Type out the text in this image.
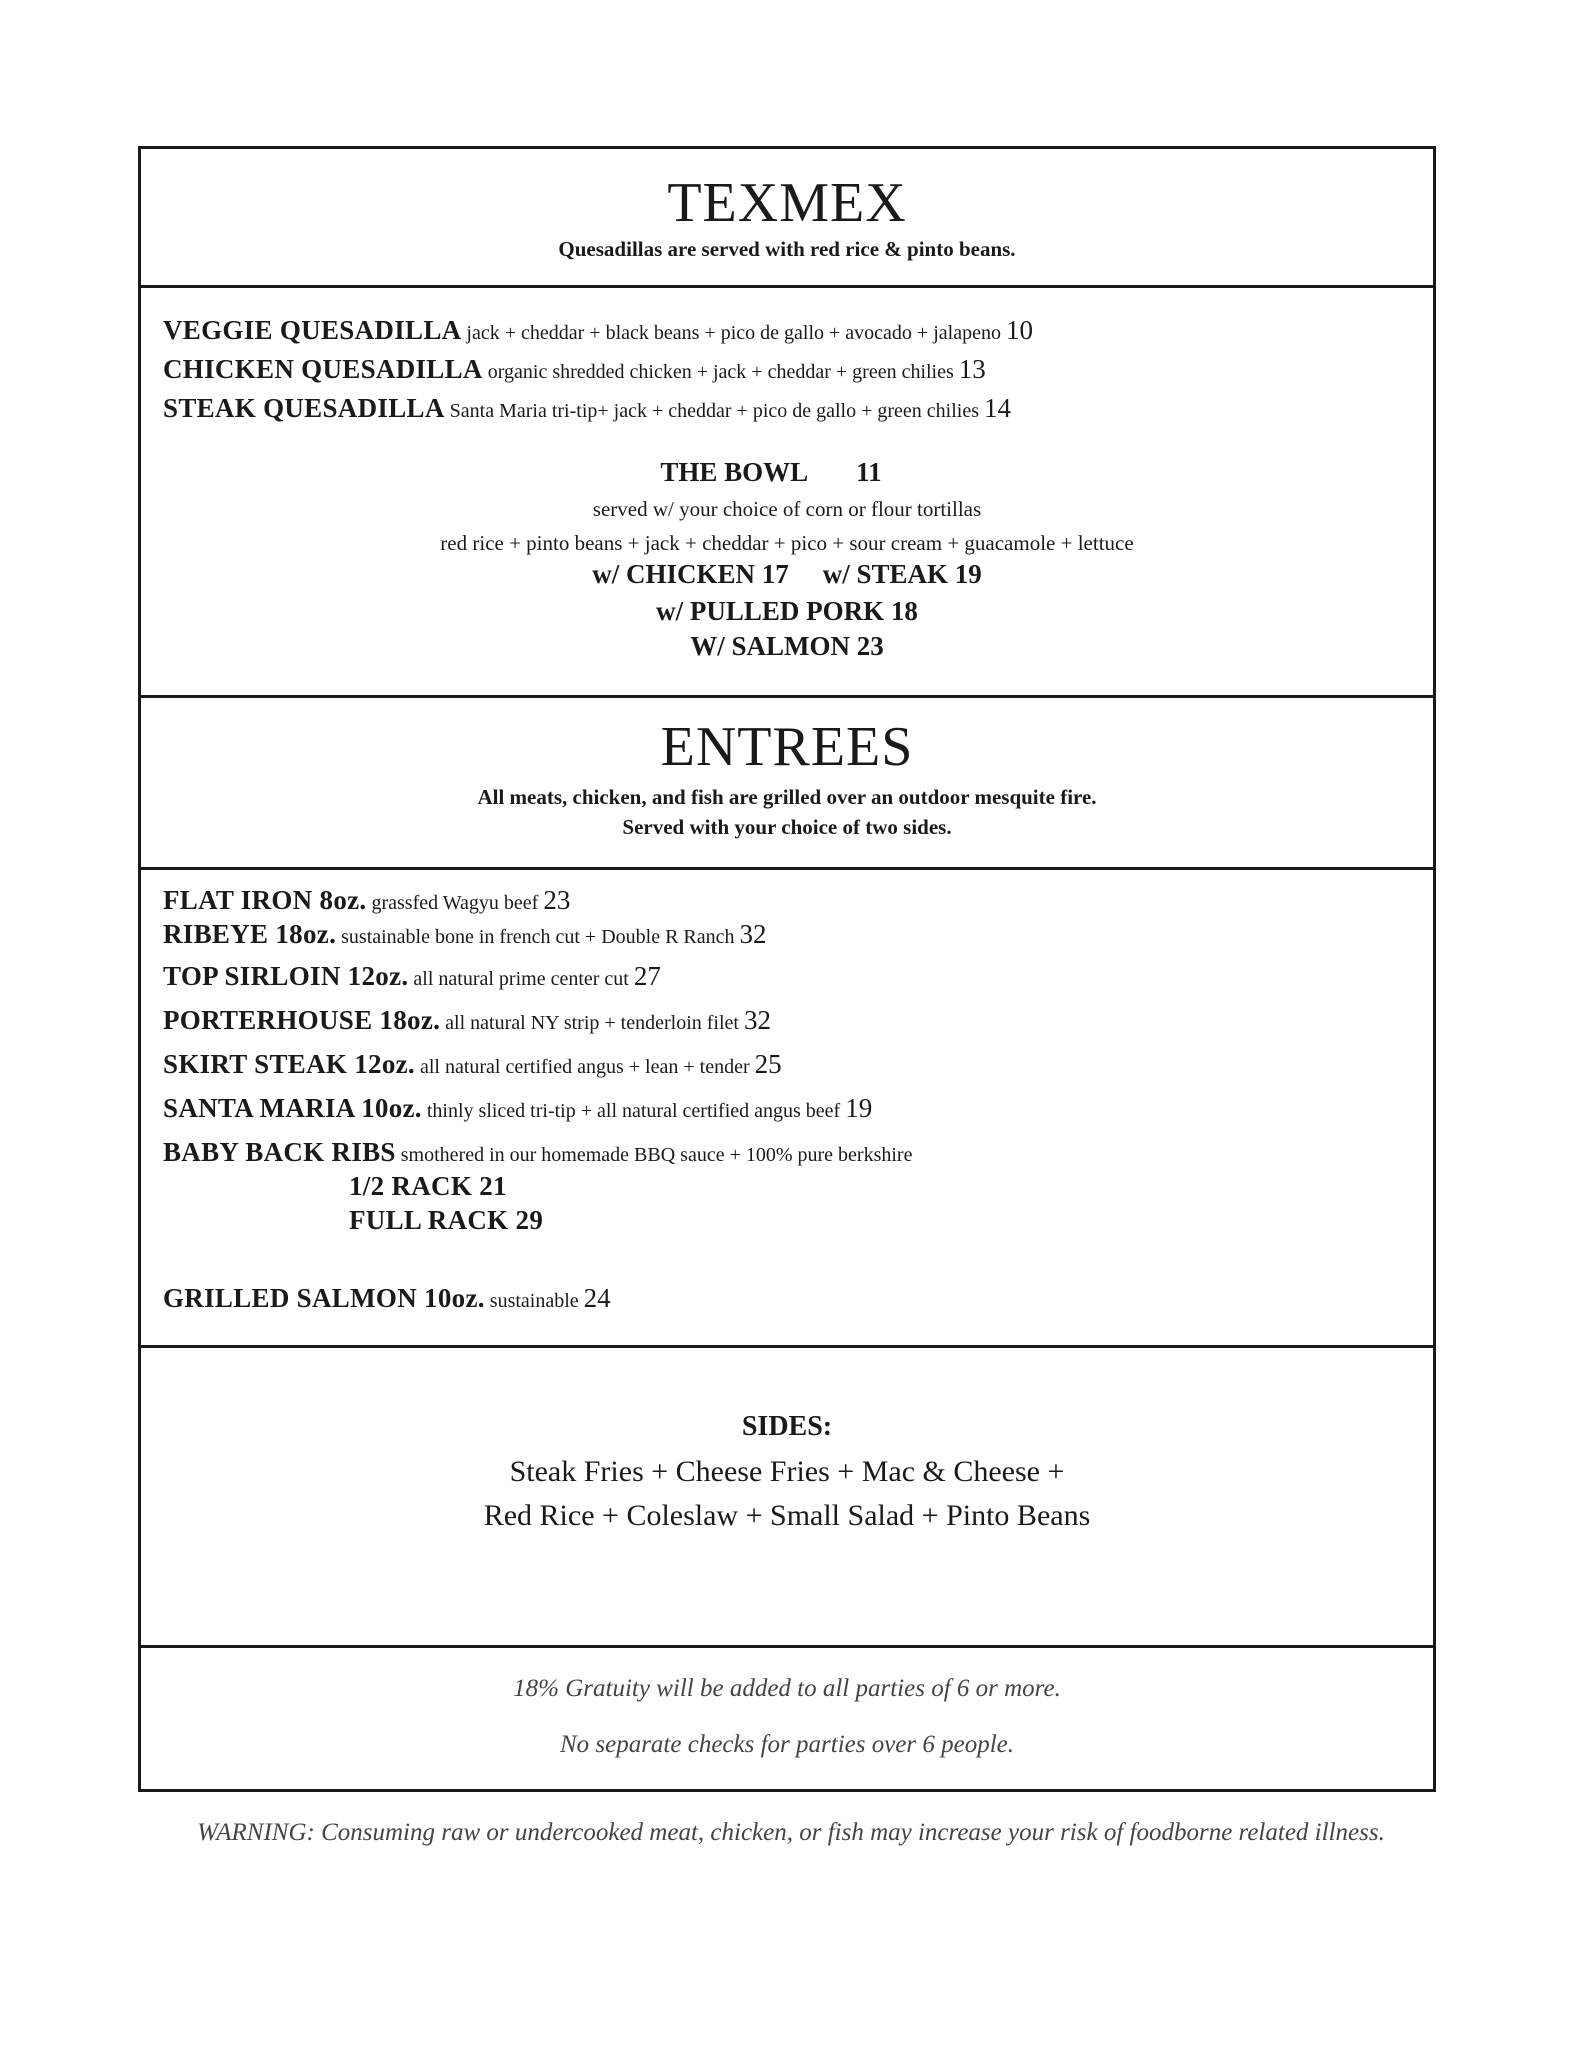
TEXMEX
Quesadillas are served with red rice & pinto beans.
VEGGIE QUESADILLA jack + cheddar + black beans + pico de gallo + avocado + jalapeno 10
CHICKEN QUESADILLA organic shredded chicken + jack + cheddar + green chilies 13
STEAK QUESADILLA Santa Maria tri-tip+ jack + cheddar + pico de gallo + green chilies 14
THE BOWL 11
served w/ your choice of corn or flour tortillas
red rice + pinto beans + jack + cheddar + pico + sour cream + guacamole + lettuce
w/ CHICKEN 17 w/ STEAK 19
w/ PULLED PORK 18
W/ SALMON 23
ENTREES
All meats, chicken, and fish are grilled over an outdoor mesquite fire.
Served with your choice of two sides.
FLAT IRON 8oz. grassfed Wagyu beef 23
RIBEYE 18oz. sustainable bone in french cut + Double R Ranch 32
TOP SIRLOIN 12oz. all natural prime center cut 27
PORTERHOUSE 18oz. all natural NY strip + tenderloin filet 32
SKIRT STEAK 12oz. all natural certified angus + lean + tender 25
SANTA MARIA 10oz. thinly sliced tri-tip + all natural certified angus beef 19
BABY BACK RIBS smothered in our homemade BBQ sauce + 100% pure berkshire
1/2 RACK 21
FULL RACK 29
GRILLED SALMON 10oz. sustainable 24
SIDES:
Steak Fries + Cheese Fries + Mac & Cheese +
Red Rice + Coleslaw + Small Salad + Pinto Beans
18% Gratuity will be added to all parties of 6 or more.
No separate checks for parties over 6 people.
WARNING: Consuming raw or undercooked meat, chicken, or fish may increase your risk of foodborne related illness.
